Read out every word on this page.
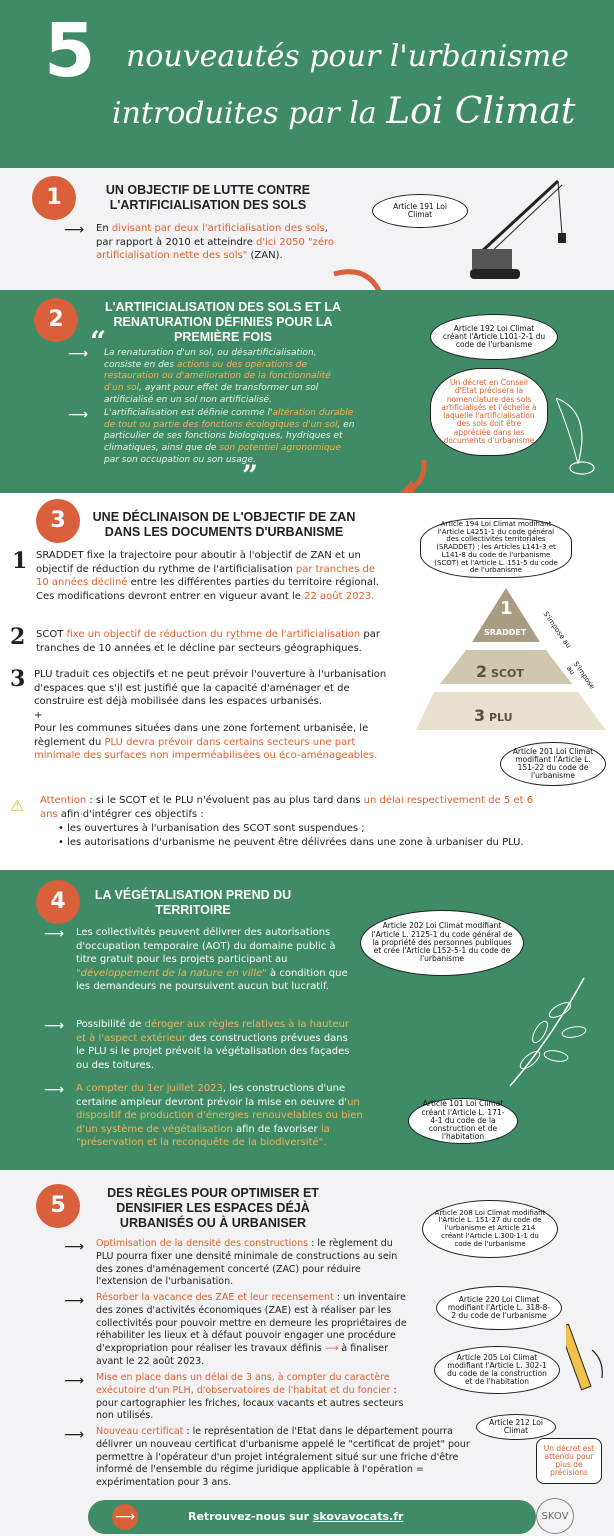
5 nouveautés pour l'urbanisme
introduites par la Loi Climat
1	UN OBJECTIF DE LUTTE CONTRE L'ARTIFICIALISATION DES SOLS	Article 191 Loi Climat
⟶ En divisant par deux l'artificialisation des sols, par rapport à 2010 et atteindre d'ici 2050 "zéro artificialisation nette des sols" (ZAN).
2	L'ARTIFICIALISATION DES SOLS ET LA RENATURATION DÉFINIES POUR LA PREMIÈRE FOIS
Article 192 Loi Climat créant l'Article L101-2-1 du code de l'urbanisme
Un décret en Conseil d'Etat précisera la nomenclature des sols artificialisés et l'échelle à laquelle l'artificialisation des sols doit être appréciée dans les documents d'urbanisme
“
⟶ La renaturation d'un sol, ou désartificialisation, consiste en des actions ou des opérations de restauration ou d'amélioration de la fonctionnalité d'un sol, ayant pour effet de transformer un sol artificialisé en un sol non artificialisé.
⟶ L'artificialisation est définie comme l'altération durable de tout ou partie des fonctions écologiques d'un sol, en particulier de ses fonctions biologiques, hydriques et climatiques, ainsi que de son potentiel agronomique par son occupation ou son usage.
”
3	UNE DÉCLINAISON DE L'OBJECTIF DE ZAN DANS LES DOCUMENTS D'URBANISME
Article 194 Loi Climat modifiant l'Article L4251-1 du code général des collectivités territoriales (SRADDET) ; les Articles L141-3 et L141-8 du code de l'urbanisme (SCOT) et l'Article L. 151-5 du code de l'urbanisme
1 SRADDET fixe la trajectoire pour aboutir à l'objectif de ZAN et un objectif de réduction du rythme de l'artificialisation par tranches de 10 années décliné entre les différentes parties du territoire régional. Ces modifications devront entrer en vigueur avant le 22 août 2023.
2 SCOT fixe un objectif de réduction du rythme de l'artificialisation par tranches de 10 années et le décline par secteurs géographiques.
3 PLU traduit ces objectifs et ne peut prévoir l'ouverture à l'urbanisation d'espaces que s'il est justifié que la capacité d'aménager et de construire est déjà mobilisée dans les espaces urbanisés.
+
Pour les communes situées dans une zone fortement urbanisée, le règlement du PLU devra prévoir dans certains secteurs une part minimale des surfaces non imperméabilisées ou éco-aménageables.
1
SRADDET
2 SCOT
3 PLU
S'impose au
S'impose au
Article 201 Loi Climat modifiant l'Article L. 151-22 du code de l'urbanisme
⚠ Attention : si le SCOT et le PLU n'évoluent pas au plus tard dans un délai respectivement de 5 et 6 ans afin d'intégrer ces objectifs :
• les ouvertures à l'urbanisation des SCOT sont suspendues ;
• les autorisations d'urbanisme ne peuvent être délivrées dans une zone à urbaniser du PLU.
4	LA VÉGÉTALISATION PREND DU TERRITOIRE
Article 202 Loi Climat modifiant l'Article L. 2125-1 du code général de la propriété des personnes publiques et crée l'Article L152-5-1 du code de l'urbanisme
⟶ Les collectivités peuvent délivrer des autorisations d'occupation temporaire (AOT) du domaine public à titre gratuit pour les projets participant au "développement de la nature en ville" à condition que les demandeurs ne poursuivent aucun but lucratif.
⟶ Possibilité de déroger aux règles relatives à la hauteur et à l'aspect extérieur des constructions prévues dans le PLU si le projet prévoit la végétalisation des façades ou des toitures.
⟶ A compter du 1er juillet 2023, les constructions d'une certaine ampleur devront prévoir la mise en oeuvre d'un dispositif de production d'énergies renouvelables ou bien d'un système de végétalisation afin de favoriser la "préservation et la reconquête de la biodiversité".
Article 101 Loi Climat créant l'Article L. 171-4-1 du code de la construction et de l'habitation
5	DES RÈGLES POUR OPTIMISER ET DENSIFIER LES ESPACES DÉJÀ URBANISÉS OU À URBANISER
Article 208 Loi Climat modifiant l'Article L. 151-27 du code de l'urbanisme et Article 214 créant l'Article L.300-1-1 du code de l'urbanisme
Article 220 Loi Climat modifiant l'Article L. 318-8-2 du code de l'urbanisme
Article 205 Loi Climat modifiant l'Article L. 302-1 du code de la construction et de l'habitation
Article 212 Loi Climat
Un décret est attendu pour plus de précisions
⟶ Optimisation de la densité des constructions : le règlement du PLU pourra fixer une densité minimale de constructions au sein des zones d'aménagement concerté (ZAC) pour réduire l'extension de l'urbanisation.
⟶ Résorber la vacance des ZAE et leur recensement : un inventaire des zones d'activités économiques (ZAE) est à réaliser par les collectivités pour pouvoir mettre en demeure les propriétaires de réhabiliter les lieux et à défaut pouvoir engager une procédure d'expropriation pour réaliser les travaux définis ⟶ à finaliser avant le 22 août 2023.
⟶ Mise en place dans un délai de 3 ans, à compter du caractère exécutoire d'un PLH, d'observatoires de l'habitat et du foncier : pour cartographier les friches, locaux vacants et autres secteurs non utilisés.
⟶ Nouveau certificat : le représentation de l'Etat dans le département pourra délivrer un nouveau certificat d'urbanisme appelé le "certificat de projet" pour permettre à l'opérateur d'un projet intégralement situé sur une friche d'être informé de l'ensemble du régime juridique applicable à l'opération = expérimentation pour 3 ans.
⟶	Retrouvez-nous sur skovavocats.fr	SKOV
